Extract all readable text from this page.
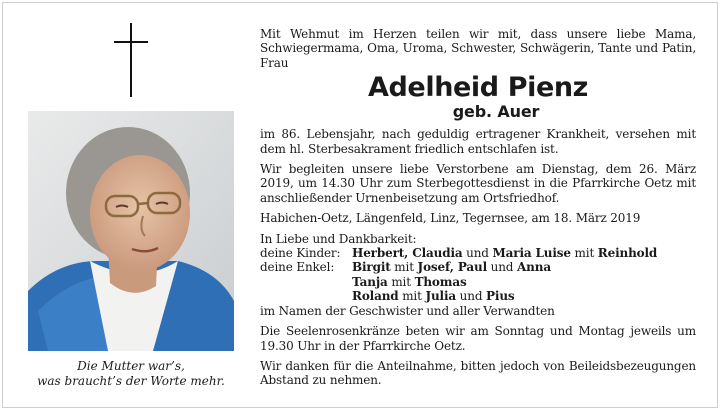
Die Mutter war’s,
was braucht’s der Worte mehr.

Mit Wehmut im Herzen teilen wir mit, dass unsere liebe Mama, Schwiegermama, Oma, Uroma, Schwester, Schwägerin, Tante und Patin, Frau

Adelheid Pienz
geb. Auer

im 86. Lebensjahr, nach geduldig ertragener Krankheit, versehen mit dem hl. Sterbesakrament friedlich entschlafen ist.

Wir begleiten unsere liebe Verstorbene am Dienstag, dem 26. März 2019, um 14.30 Uhr zum Sterbegottesdienst in die Pfarrkirche Oetz mit anschließender Urnenbeisetzung am Ortsfriedhof.

Habichen-Oetz, Längenfeld, Linz, Tegernsee, am 18. März 2019

In Liebe und Dankbarkeit:
deine Kinder: Herbert, Claudia und Maria Luise mit Reinhold
deine Enkel:	Birgit mit Josef, Paul und Anna
Tanja mit Thomas
Roland mit Julia und Pius
im Namen der Geschwister und aller Verwandten

Die Seelenrosenkränze beten wir am Sonntag und Montag jeweils um 19.30 Uhr in der Pfarrkirche Oetz.

Wir danken für die Anteilnahme, bitten jedoch von Beileidsbezeugungen Abstand zu nehmen.
